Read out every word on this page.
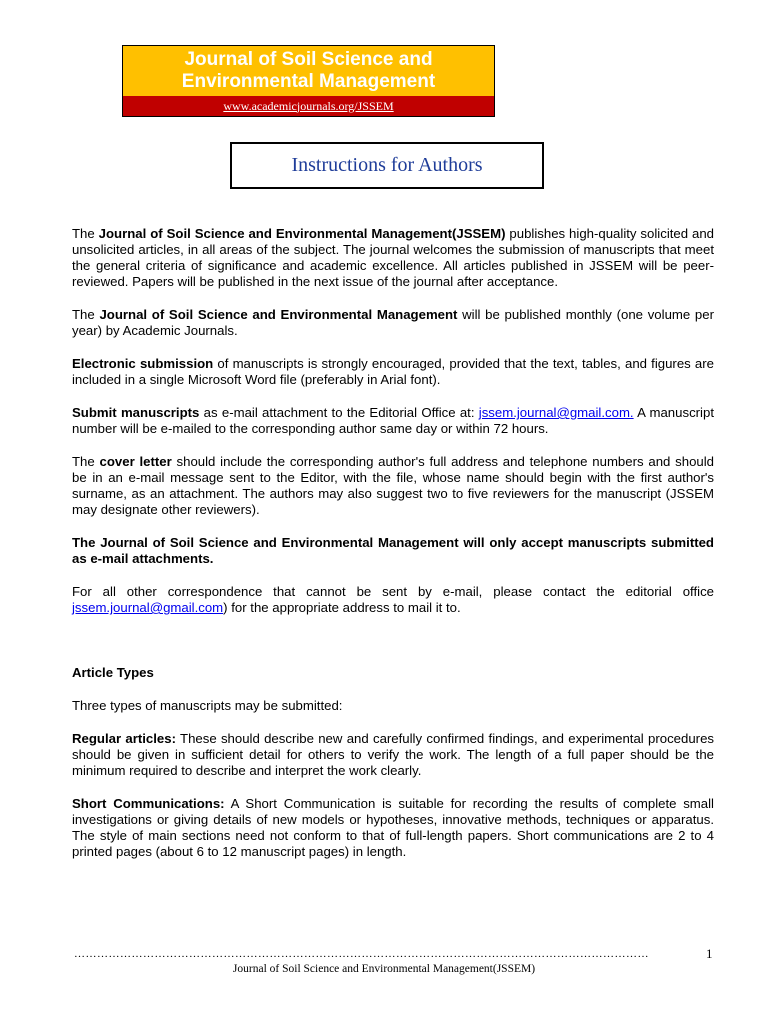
Journal of Soil Science and Environmental Management
www.academicjournals.org/JSSEM
Instructions for Authors

The Journal of Soil Science and Environmental Management(JSSEM) publishes high-quality solicited and unsolicited articles, in all areas of the subject. The journal welcomes the submission of manuscripts that meet the general criteria of significance and academic excellence. All articles published in JSSEM will be peer-reviewed. Papers will be published in the next issue of the journal after acceptance.

The Journal of Soil Science and Environmental Management will be published monthly (one volume per year) by Academic Journals.

Electronic submission of manuscripts is strongly encouraged, provided that the text, tables, and figures are included in a single Microsoft Word file (preferably in Arial font).

Submit manuscripts as e-mail attachment to the Editorial Office at: jssem.journal@gmail.com. A manuscript number will be e-mailed to the corresponding author same day or within 72 hours.

The cover letter should include the corresponding author's full address and telephone numbers and should be in an e-mail message sent to the Editor, with the file, whose name should begin with the first author's surname, as an attachment. The authors may also suggest two to five reviewers for the manuscript (JSSEM may designate other reviewers).

The Journal of Soil Science and Environmental Management will only accept manuscripts submitted as e-mail attachments.

For all other correspondence that cannot be sent by e-mail, please contact the editorial office jssem.journal@gmail.com) for the appropriate address to mail it to.

Article Types

Three types of manuscripts may be submitted:

Regular articles: These should describe new and carefully confirmed findings, and experimental procedures should be given in sufficient detail for others to verify the work. The length of a full paper should be the minimum required to describe and interpret the work clearly.

Short Communications: A Short Communication is suitable for recording the results of complete small investigations or giving details of new models or hypotheses, innovative methods, techniques or apparatus. The style of main sections need not conform to that of full-length papers. Short communications are 2 to 4 printed pages (about 6 to 12 manuscript pages) in length.

……………………………………………………………………………………………………………………………………	1
Journal of Soil Science and Environmental Management(JSSEM)
